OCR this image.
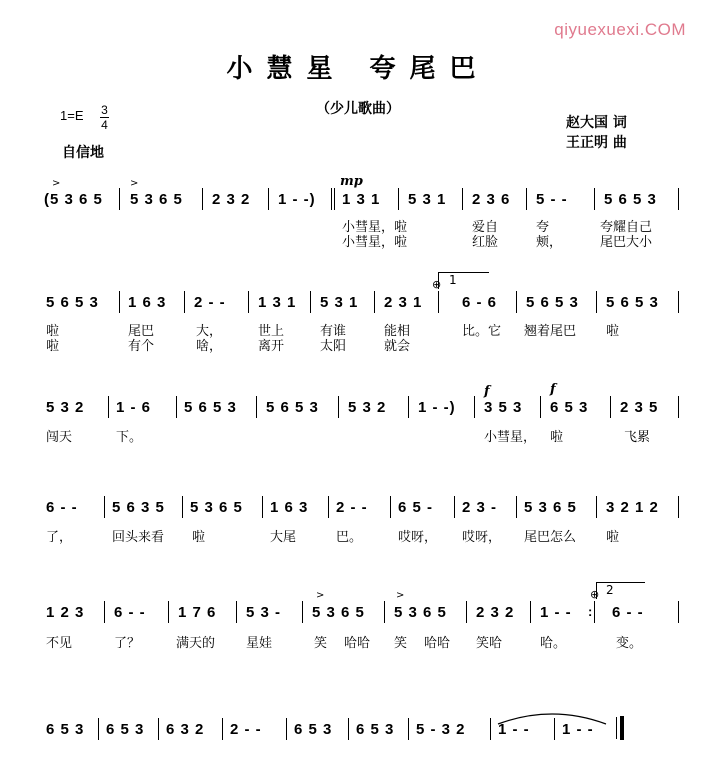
qiyuexuexi.COM
小慧星 夸尾巴
（少儿歌曲）
1=E 3
4
自信地
赵大国 词
王正明 曲
mp
>	>
(5 3 6 5 5 3 6 5 2 3 2 1 - -) 1 3 1 5 3 1 2 3 6 5 - - 5 6 5 3
小彗星，啦	爱自	夸	夸耀自己
小彗星，啦	红脸	颊，	尾巴大小
⊕ 1
5 6 5 3 1 6 3 2 - - 1 3 1 5 3 1 2 3 1	6 - 6 5 6 5 3 5 6 5 3
啦	尾巴	大，	世上	有谁	能相	比。它 翘着尾巴 啦
啦	有个	啥，	离开	太阳	就会
f	f
5 3 2 1 - 6 5 6 5 3 5 6 5 3 5 3 2 1 - -) 3 5 3 6 5 3 2 3 5
闯天	下。	小彗星， 啦	飞累
6 - - 5 6 3 5 5 3 6 5 1 6 3 2 - - 6 5 - 2 3 - 5 3 6 5 3 2 1 2
了，	回头来看 啦	大尾	巴。	哎呀， 哎呀， 尾巴怎么 啦
>	>	⊕ 2
1 2 3 6 - - 1 7 6 5 3 - 5 3 6 5 5 3 6 5 2 3 2 1 - - : 6 - -
不见	了？	满天的 星娃	笑 哈哈 笑 哈哈 笑哈	哈。	变。
6 5 3 6 5 3 6 3 2 2 - - 6 5 3 6 5 3 5 - 3 2 1 - - 1 - -
